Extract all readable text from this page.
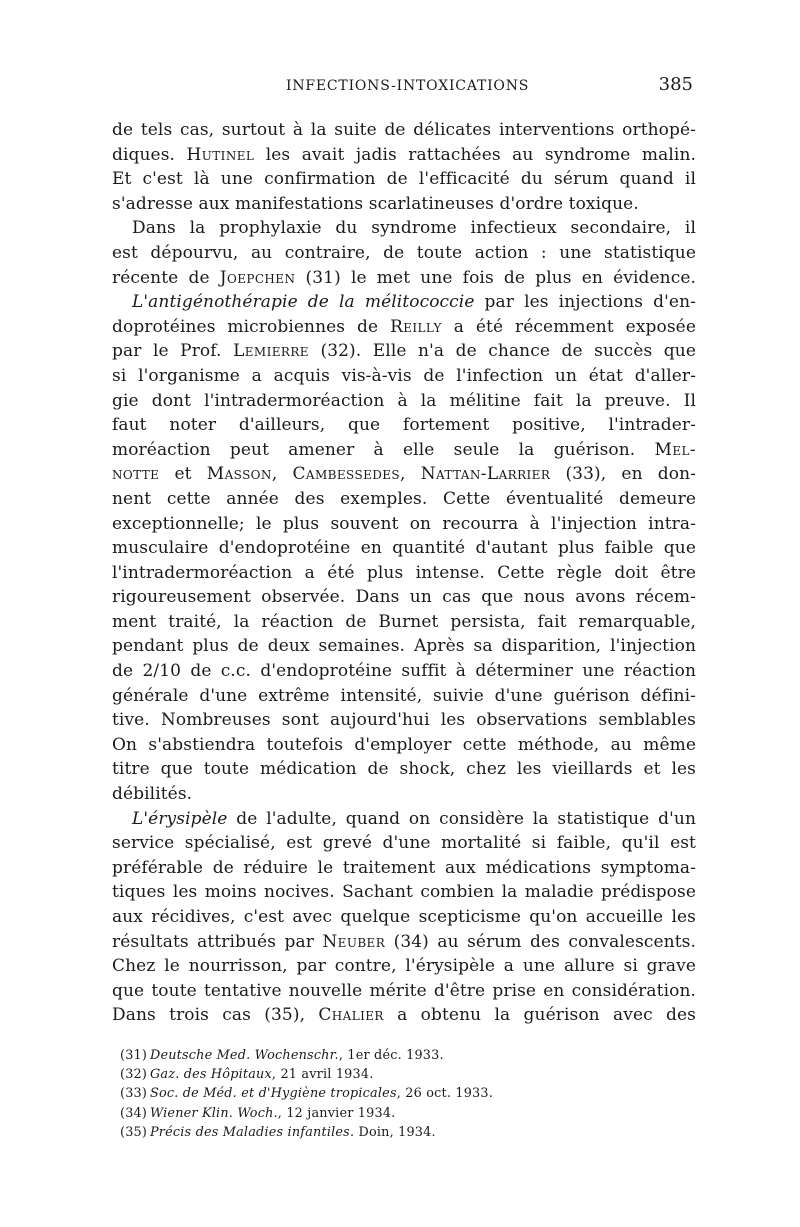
INFECTIONS-INTOXICATIONS	385
de tels cas, surtout à la suite de délicates interventions orthopé-
diques. Hutinel les avait jadis rattachées au syndrome malin.
Et c'est là une confirmation de l'efficacité du sérum quand il
s'adresse aux manifestations scarlatineuses d'ordre toxique.
Dans la prophylaxie du syndrome infectieux secondaire, il
est dépourvu, au contraire, de toute action : une statistique
récente de Joepchen (31) le met une fois de plus en évidence.
L'antigénothérapie de la mélitococcie par les injections d'en-
doprotéines microbiennes de Reilly a été récemment exposée
par le Prof. Lemierre (32). Elle n'a de chance de succès que
si l'organisme a acquis vis-à-vis de l'infection un état d'aller-
gie dont l'intradermoréaction à la mélitine fait la preuve. Il
faut noter d'ailleurs, que fortement positive, l'intrader-
moréaction peut amener à elle seule la guérison. Mel-
notte et Masson, Cambessedes, Nattan-Larrier (33), en don-
nent cette année des exemples. Cette éventualité demeure
exceptionnelle; le plus souvent on recourra à l'injection intra-
musculaire d'endoprotéine en quantité d'autant plus faible que
l'intradermoréaction a été plus intense. Cette règle doit être
rigoureusement observée. Dans un cas que nous avons récem-
ment traité, la réaction de Burnet persista, fait remarquable,
pendant plus de deux semaines. Après sa disparition, l'injection
de 2/10 de c.c. d'endoprotéine suffit à déterminer une réaction
générale d'une extrême intensité, suivie d'une guérison défini-
tive. Nombreuses sont aujourd'hui les observations semblables
On s'abstiendra toutefois d'employer cette méthode, au même
titre que toute médication de shock, chez les vieillards et les
débilités.
L'érysipèle de l'adulte, quand on considère la statistique d'un
service spécialisé, est grevé d'une mortalité si faible, qu'il est
préférable de réduire le traitement aux médications symptoma-
tiques les moins nocives. Sachant combien la maladie prédispose
aux récidives, c'est avec quelque scepticisme qu'on accueille les
résultats attribués par Neuber (34) au sérum des convalescents.
Chez le nourrisson, par contre, l'érysipèle a une allure si grave
que toute tentative nouvelle mérite d'être prise en considération.
Dans trois cas (35), Chalier a obtenu la guérison avec des
(31) Deutsche Med. Wochenschr., 1er déc. 1933.
(32) Gaz. des Hôpitaux, 21 avril 1934.
(33) Soc. de Méd. et d'Hygiène tropicales, 26 oct. 1933.
(34) Wiener Klin. Woch., 12 janvier 1934.
(35) Précis des Maladies infantiles. Doin, 1934.
